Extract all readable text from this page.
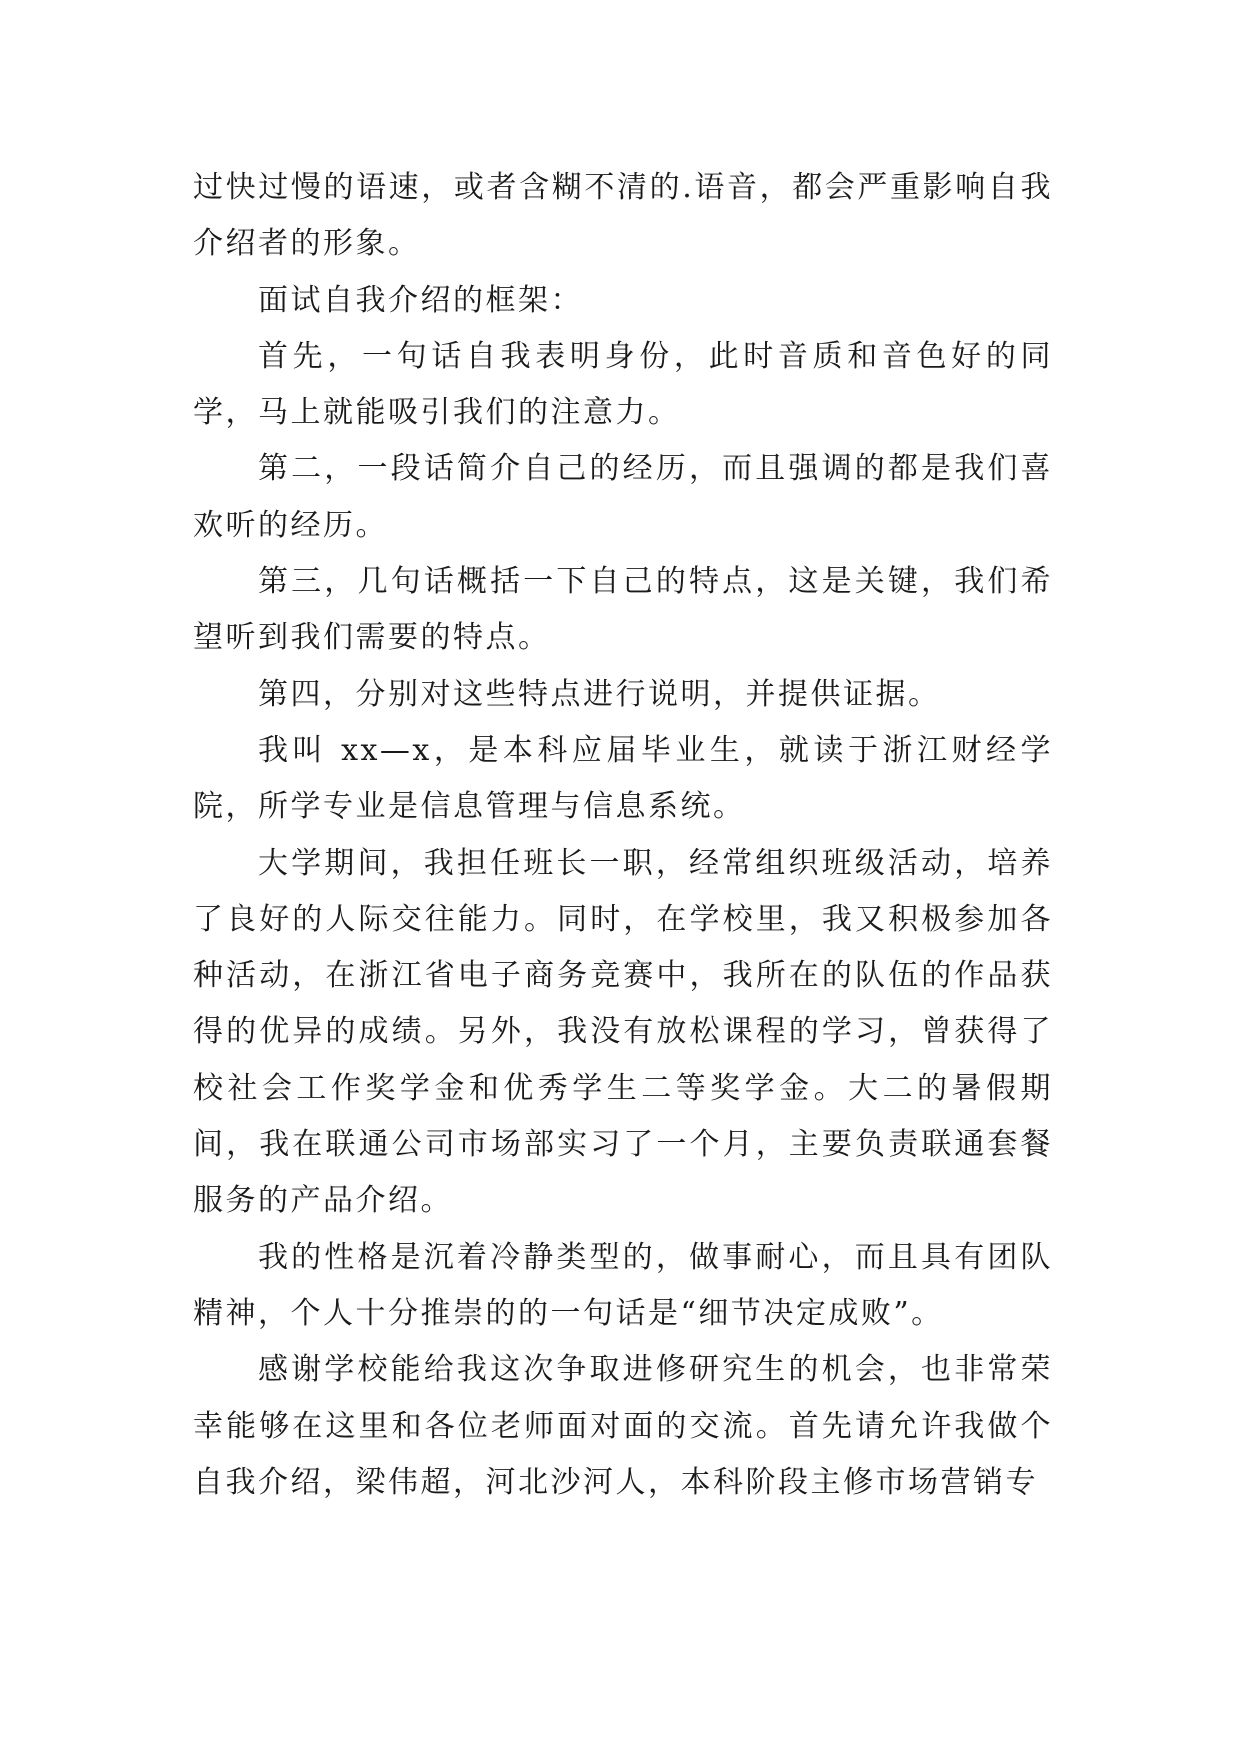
过快过慢的语速，或者含糊不清的.语音，都会严重影响自我介绍者的形象。

面试自我介绍的框架：

首先，一句话自我表明身份，此时音质和音色好的同学，马上就能吸引我们的注意力。

第二，一段话简介自己的经历，而且强调的都是我们喜欢听的经历。

第三，几句话概括一下自己的特点，这是关键，我们希望听到我们需要的特点。

第四，分别对这些特点进行说明，并提供证据。

我叫 xx—x，是本科应届毕业生，就读于浙江财经学院，所学专业是信息管理与信息系统。

大学期间，我担任班长一职，经常组织班级活动，培养了良好的人际交往能力。同时，在学校里，我又积极参加各种活动，在浙江省电子商务竞赛中，我所在的队伍的作品获得的优异的成绩。另外，我没有放松课程的学习，曾获得了校社会工作奖学金和优秀学生二等奖学金。大二的暑假期间，我在联通公司市场部实习了一个月，主要负责联通套餐服务的产品介绍。

我的性格是沉着冷静类型的，做事耐心，而且具有团队精神，个人十分推崇的的一句话是“细节决定成败”。

感谢学校能给我这次争取进修研究生的机会，也非常荣幸能够在这里和各位老师面对面的交流。首先请允许我做个自我介绍，梁伟超，河北沙河人，本科阶段主修市场营销专
